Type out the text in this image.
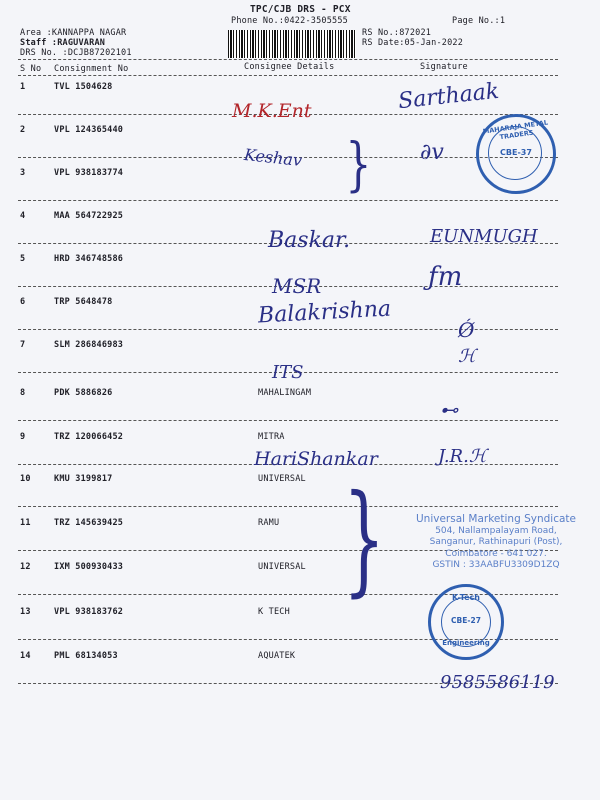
TPC/CJB DRS - PCX
Phone No.:0422-3505555	Page No.:1
Area :KANNAPPA NAGAR	RS No.:872021
Staff :RAGUVARAN	RS Date:05-Jan-2022
DRS No. :DCJB87202101
S No Consignment No	Consignee Details	Signature
1	TVL 1504628
2	VPL 124365440
3	VPL 938183774
4	MAA 564722925
5	HRD 346748586
6	TRP 5648478
7	SLM 286846983
8	PDK 5886826	MAHALINGAM
9	TRZ 120066452	MITRA
10	KMU 3199817	UNIVERSAL
11	TRZ 145639425	RAMU
12	IXM 500930433	UNIVERSAL
13	VPL 938183762	K TECH
14	PML 68134053	AQUATEK
M.K.Ent	Sarthaak
Keshav } ∂v
Baskar.	EUNMUGH
MSR	ƒm
Balakrishna
Ǿ
ℋ
ITS
⊷
HariShankar	J.R.ℋ
}
9585586119
MAHARAJA METAL TRADERS
CBE-37
Universal Marketing Syndicate
504, Nallampalayam Road,
Sanganur, Rathinapuri (Post),
Coimbatore - 641 027.
GSTIN : 33AABFU3309D1ZQ
K-Tech
CBE-27
Engineering
